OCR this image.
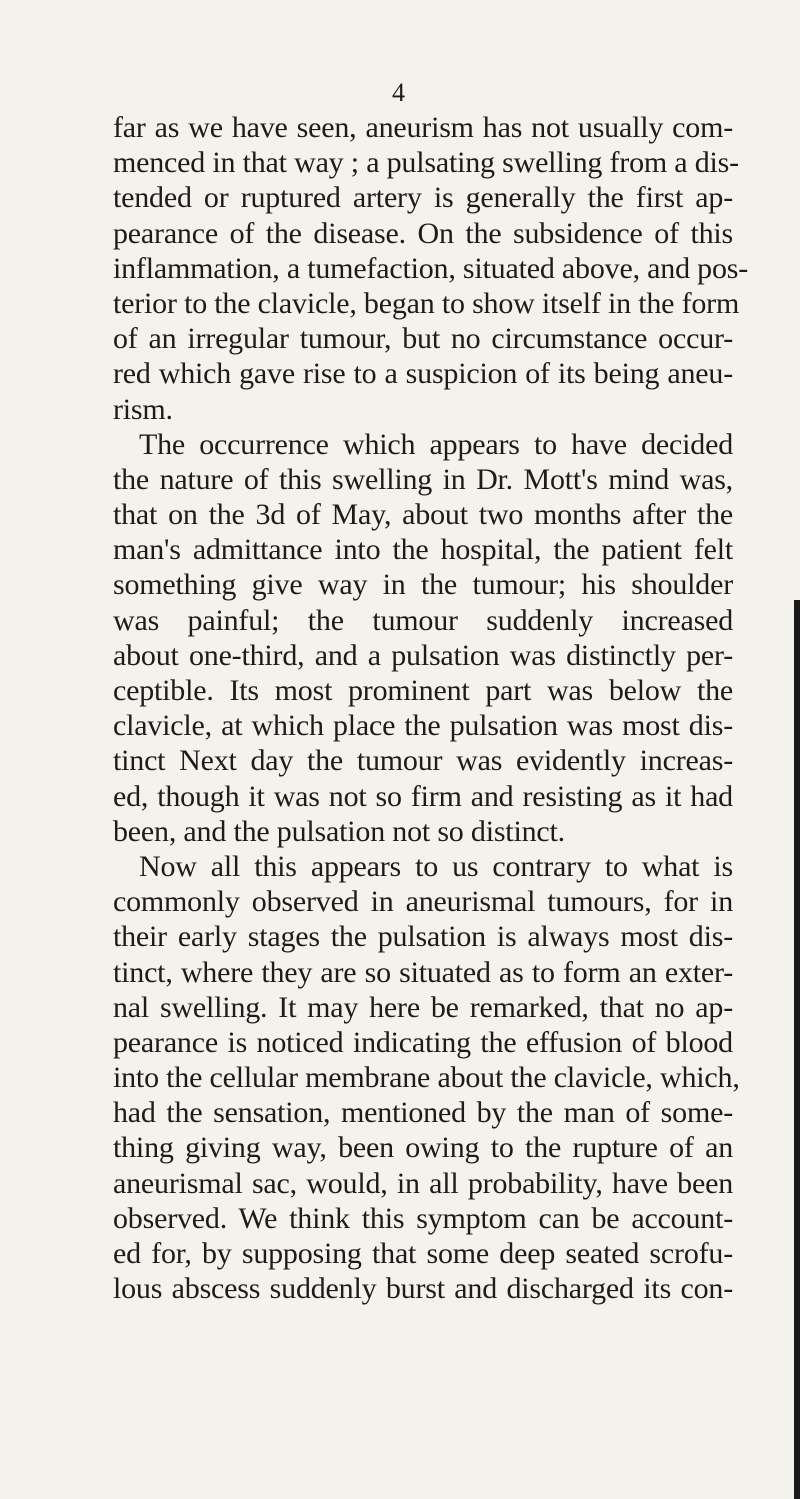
4
far as we have seen, aneurism has not usually com-
menced in that way ; a pulsating swelling from a dis-
tended or ruptured artery is generally the first ap-
pearance of the disease. On the subsidence of this
inflammation, a tumefaction, situated above, and pos-
terior to the clavicle, began to show itself in the form
of an irregular tumour, but no circumstance occur-
red which gave rise to a suspicion of its being aneu-
rism.
The occurrence which appears to have decided
the nature of this swelling in Dr. Mott's mind was,
that on the 3d of May, about two months after the
man's admittance into the hospital, the patient felt
something give way in the tumour; his shoulder
was painful; the tumour suddenly increased
about one-third, and a pulsation was distinctly per-
ceptible. Its most prominent part was below the
clavicle, at which place the pulsation was most dis-
tinct Next day the tumour was evidently increas-
ed, though it was not so firm and resisting as it had
been, and the pulsation not so distinct.
Now all this appears to us contrary to what is
commonly observed in aneurismal tumours, for in
their early stages the pulsation is always most dis-
tinct, where they are so situated as to form an exter-
nal swelling. It may here be remarked, that no ap-
pearance is noticed indicating the effusion of blood
into the cellular membrane about the clavicle, which,
had the sensation, mentioned by the man of some-
thing giving way, been owing to the rupture of an
aneurismal sac, would, in all probability, have been
observed. We think this symptom can be account-
ed for, by supposing that some deep seated scrofu-
lous abscess suddenly burst and discharged its con-
